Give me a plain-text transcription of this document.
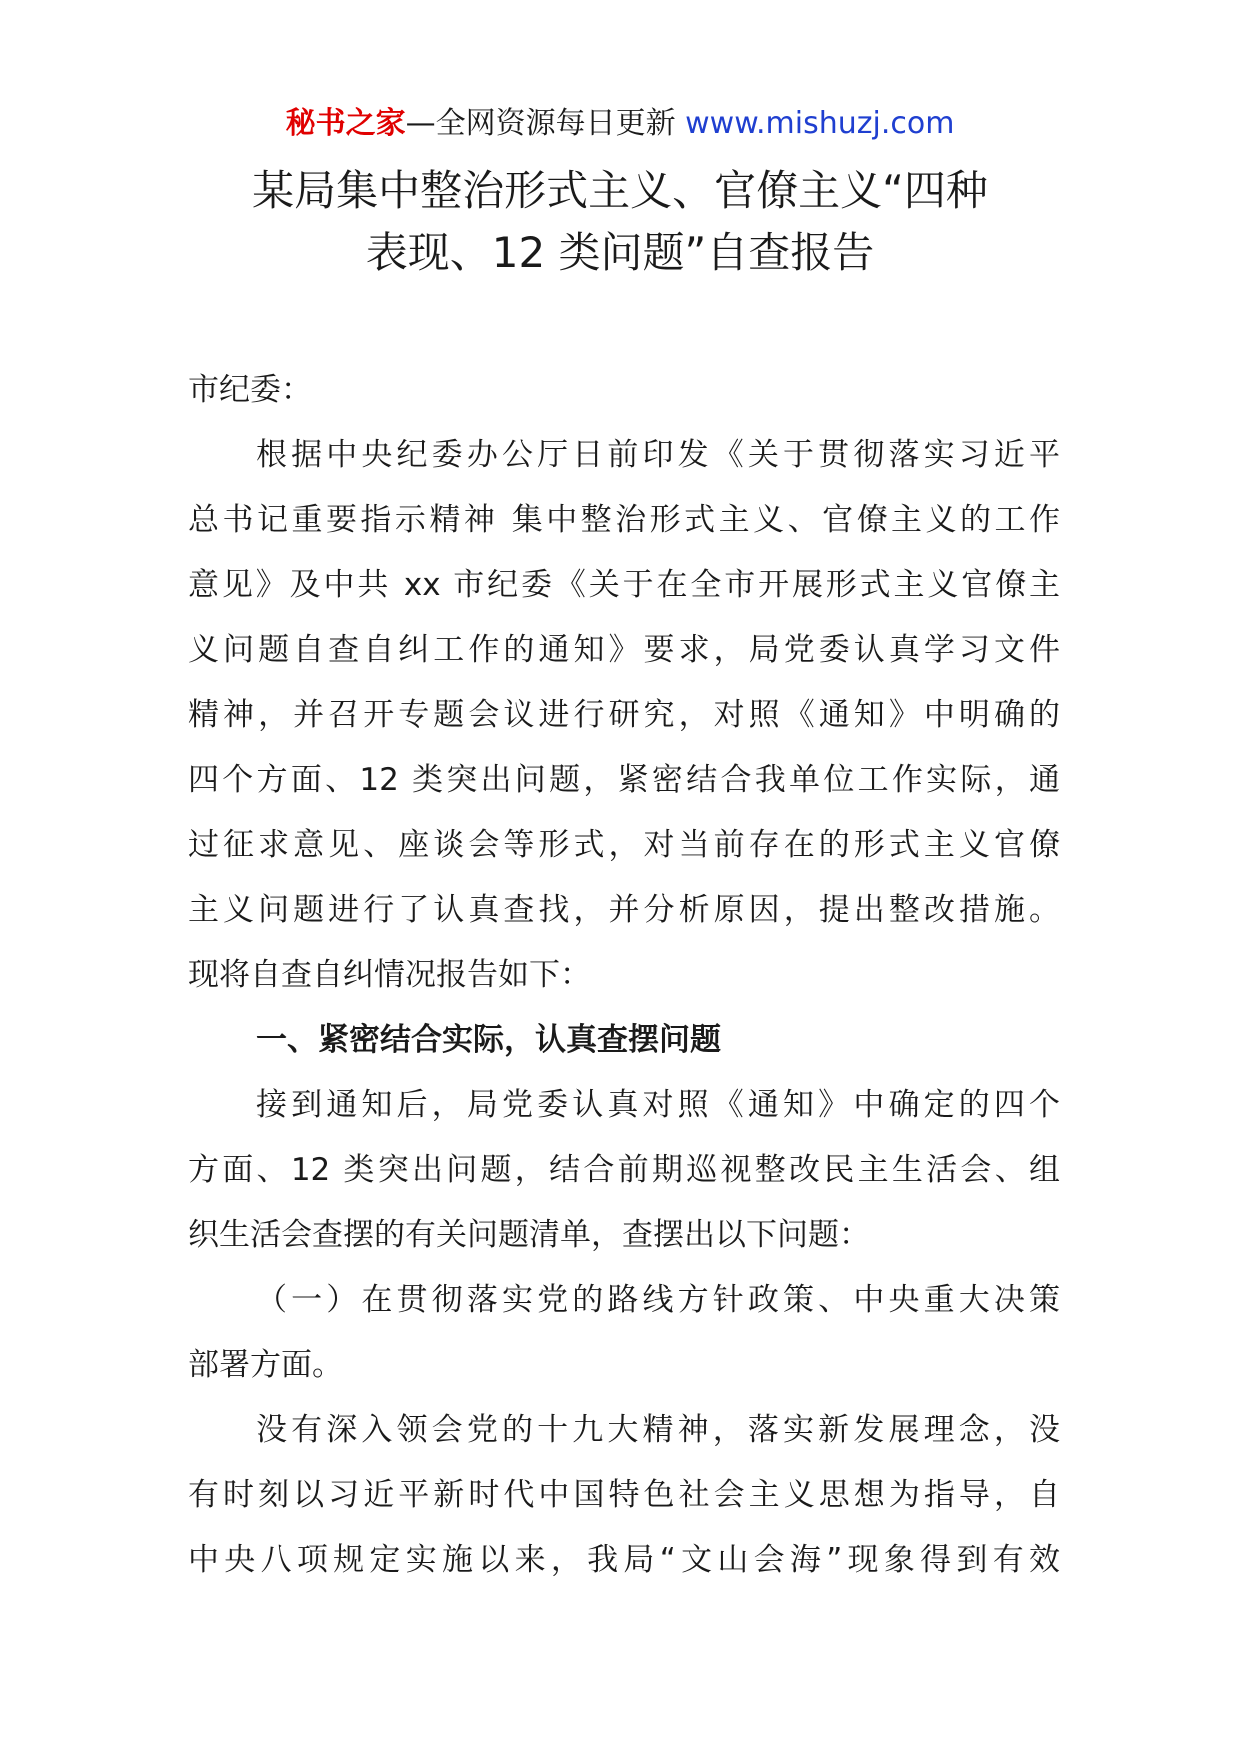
秘书之家—全网资源每日更新 www.mishuzj.com
某局集中整治形式主义、官僚主义“四种
表现、12 类问题”自查报告

市纪委：

根据中央纪委办公厅日前印发《关于贯彻落实习近平
总书记重要指示精神 集中整治形式主义、官僚主义的工作
意见》及中共 xx 市纪委《关于在全市开展形式主义官僚主
义问题自查自纠工作的通知》要求，局党委认真学习文件
精神，并召开专题会议进行研究，对照《通知》中明确的
四个方面、12 类突出问题，紧密结合我单位工作实际，通
过征求意见、座谈会等形式，对当前存在的形式主义官僚
主义问题进行了认真查找，并分析原因，提出整改措施。
现将自查自纠情况报告如下：

一、紧密结合实际，认真查摆问题

接到通知后，局党委认真对照《通知》中确定的四个
方面、12 类突出问题，结合前期巡视整改民主生活会、组
织生活会查摆的有关问题清单，查摆出以下问题：

（一）在贯彻落实党的路线方针政策、中央重大决策
部署方面。

没有深入领会党的十九大精神，落实新发展理念，没
有时刻以习近平新时代中国特色社会主义思想为指导，自
中央八项规定实施以来，我局“文山会海”现象得到有效
